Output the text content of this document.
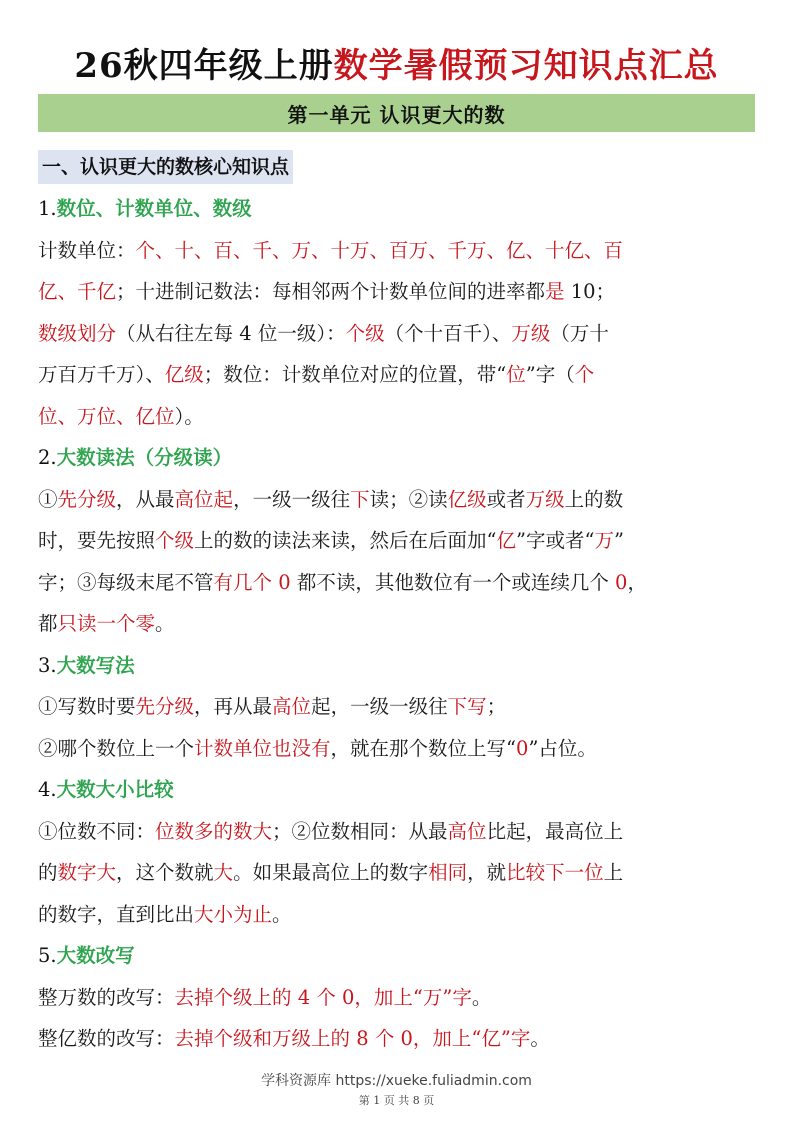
26秋四年级上册数学暑假预习知识点汇总
第一单元 认识更大的数
一、认识更大的数核心知识点

1.数位、计数单位、数级

计数单位：个、十、百、千、万、十万、百万、千万、亿、十亿、百

亿、千亿；十进制记数法：每相邻两个计数单位间的进率都是 10；

数级划分（从右往左每 4 位一级）：个级（个十百千）、万级（万十

万百万千万）、亿级；数位：计数单位对应的位置，带“位”字（个

位、万位、亿位）。

2.大数读法（分级读）

①先分级，从最高位起，一级一级往下读；②读亿级或者万级上的数

时，要先按照个级上的数的读法来读，然后在后面加“亿”字或者“万”

字；③每级末尾不管有几个 0 都不读，其他数位有一个或连续几个 0，

都只读一个零。

3.大数写法

①写数时要先分级，再从最高位起，一级一级往下写；

②哪个数位上一个计数单位也没有，就在那个数位上写“0”占位。

4.大数大小比较

①位数不同：位数多的数大；②位数相同：从最高位比起，最高位上

的数字大，这个数就大。如果最高位上的数字相同，就比较下一位上

的数字，直到比出大小为止。

5.大数改写

整万数的改写：去掉个级上的 4 个 0，加上“万”字。

整亿数的改写：去掉个级和万级上的 8 个 0，加上“亿”字。

学科资源库 https://xueke.fuliadmin.com
第 1 页 共 8 页
